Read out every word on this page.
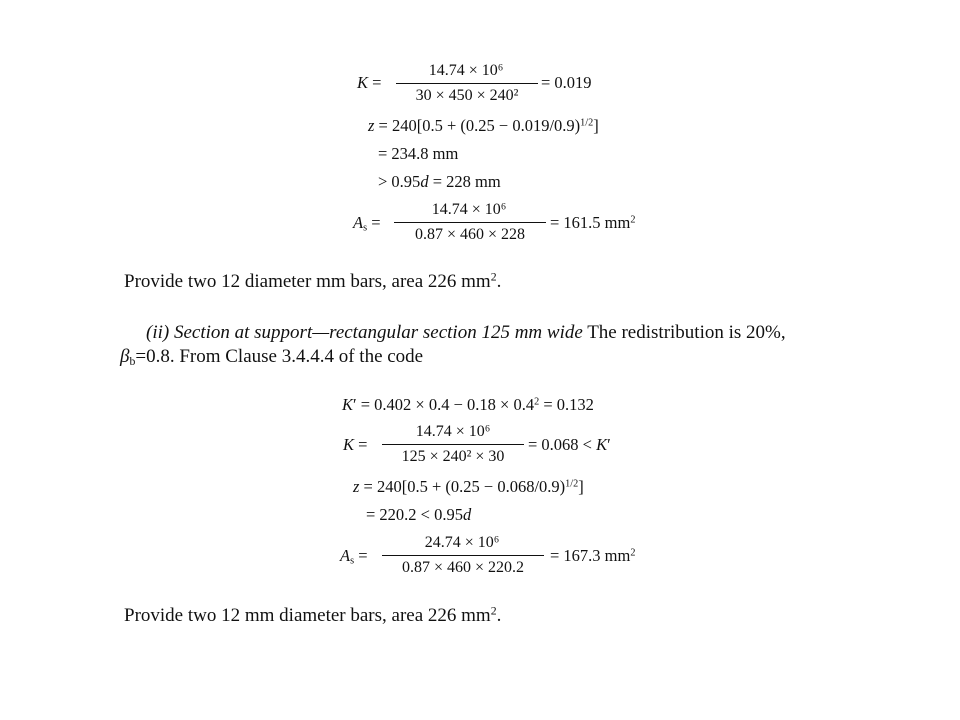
K =
14.74 × 10⁶
30 × 450 × 240²
= 0.019
$z = 240[0.5 + (0.25 - 0.019/0.9)^{1/2}]$
= 234.8 mm
> 0.95d = 228 mm
$A_s$ =
14.74 × 10⁶
0.87 × 460 × 228
= 161.5 $mm^2$
Provide two 12 diameter mm bars, area 226 $mm^2$.
(ii) Section at support—rectangular section 125 mm wide The redistribution is 20%,
$\beta_b=0.8$. From Clause 3.4.4.4 of the code
$K' = 0.402 \times 0.4 - 0.18 \times 0.4^2 = 0.132$
K =
14.74 × 10⁶
125 × 240² × 30
= 0.068 < K′
$z = 240[0.5 + (0.25 - 0.068/0.9)^{1/2}]$
= 220.2 < 0.95d
$A_s$ =
24.74 × 10⁶
0.87 × 460 × 220.2
= 167.3 $mm^2$
Provide two 12 mm diameter bars, area 226 $mm^2$.
